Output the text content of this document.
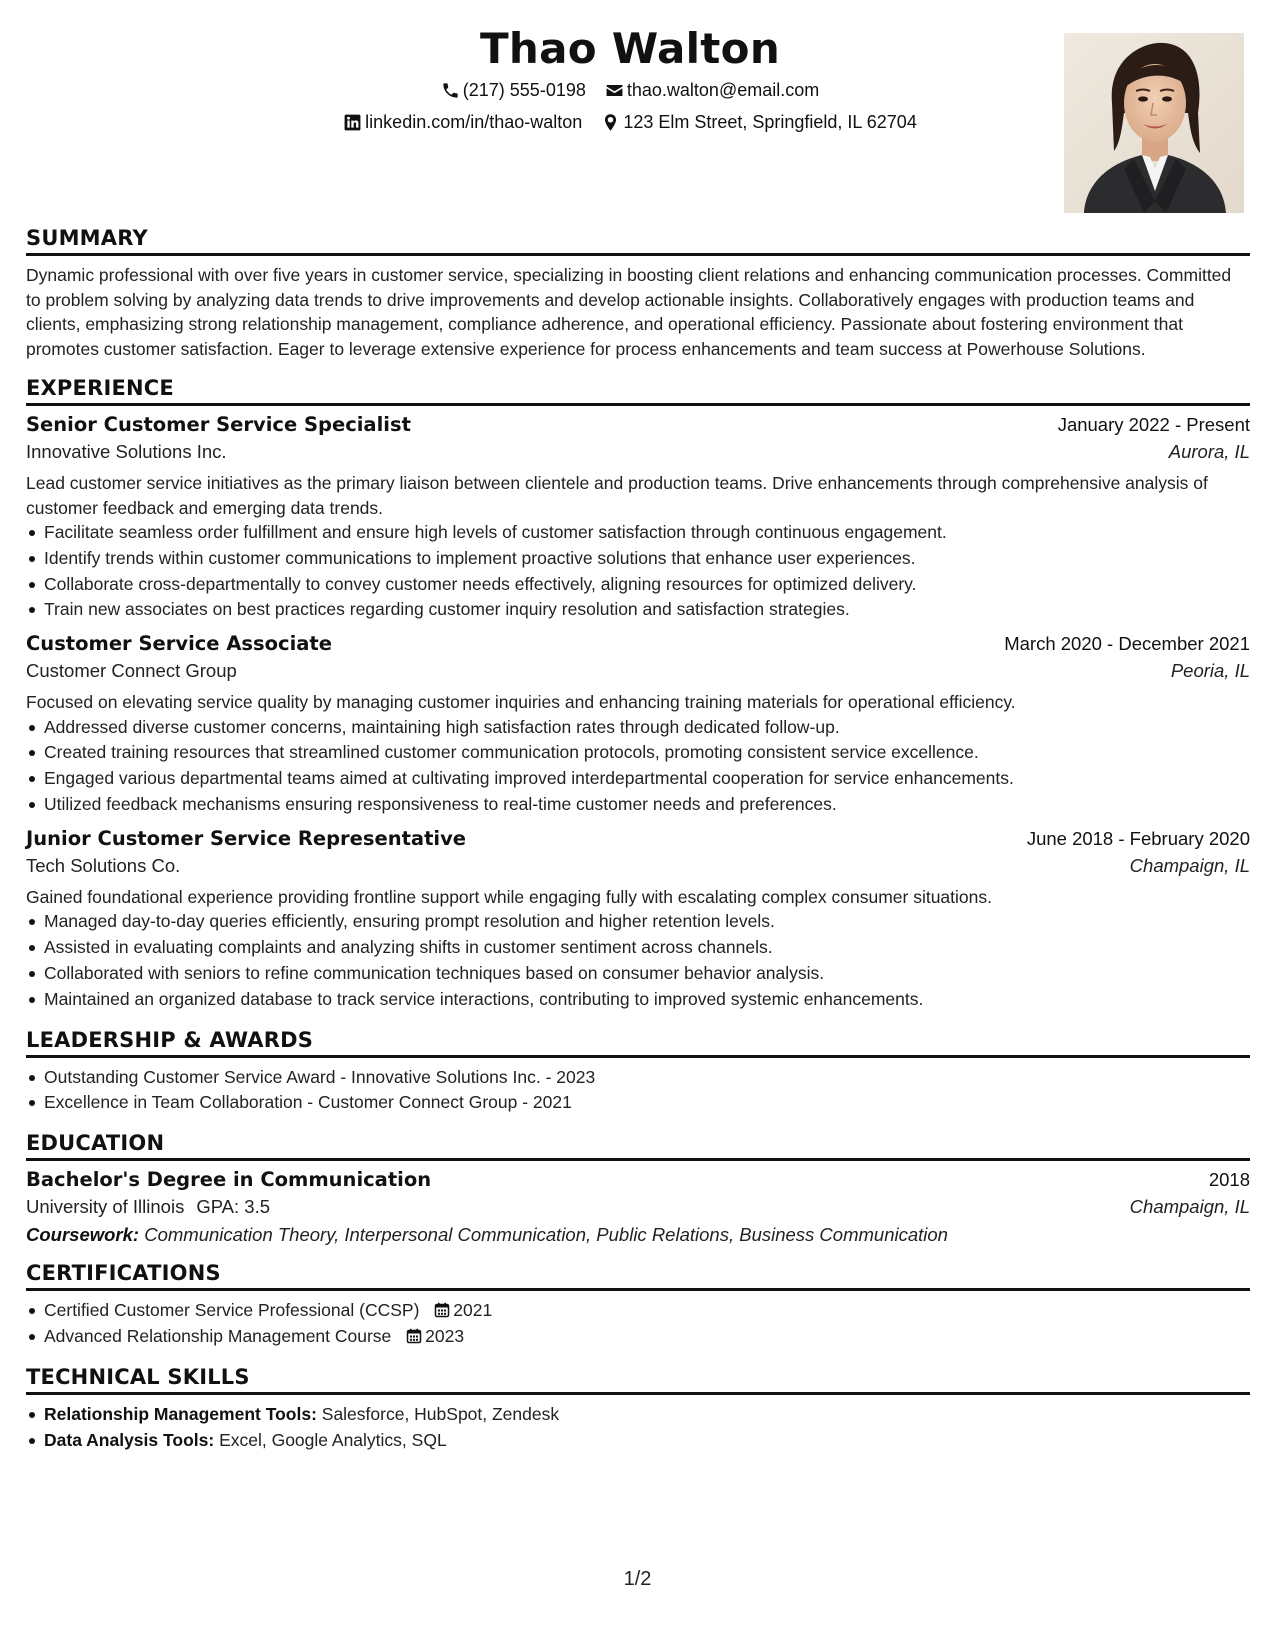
Thao Walton
(217) 555-0198
thao.walton@email.com
linkedin.com/in/thao-walton
123 Elm Street, Springfield, IL 62704
SUMMARY
Dynamic professional with over five years in customer service, specializing in boosting client relations and enhancing communication processes. Committed to problem solving by analyzing data trends to drive improvements and develop actionable insights. Collaboratively engages with production teams and clients, emphasizing strong relationship management, compliance adherence, and operational efficiency. Passionate about fostering environment that promotes customer satisfaction. Eager to leverage extensive experience for process enhancements and team success at Powerhouse Solutions.
EXPERIENCE
Senior Customer Service Specialist	January 2022 - Present
Innovative Solutions Inc.	Aurora, IL
Lead customer service initiatives as the primary liaison between clientele and production teams. Drive enhancements through comprehensive analysis of customer feedback and emerging data trends.
Facilitate seamless order fulfillment and ensure high levels of customer satisfaction through continuous engagement.
Identify trends within customer communications to implement proactive solutions that enhance user experiences.
Collaborate cross-departmentally to convey customer needs effectively, aligning resources for optimized delivery.
Train new associates on best practices regarding customer inquiry resolution and satisfaction strategies.
Customer Service Associate	March 2020 - December 2021
Customer Connect Group	Peoria, IL
Focused on elevating service quality by managing customer inquiries and enhancing training materials for operational efficiency.
Addressed diverse customer concerns, maintaining high satisfaction rates through dedicated follow-up.
Created training resources that streamlined customer communication protocols, promoting consistent service excellence.
Engaged various departmental teams aimed at cultivating improved interdepartmental cooperation for service enhancements.
Utilized feedback mechanisms ensuring responsiveness to real-time customer needs and preferences.
Junior Customer Service Representative	June 2018 - February 2020
Tech Solutions Co.	Champaign, IL
Gained foundational experience providing frontline support while engaging fully with escalating complex consumer situations.
Managed day-to-day queries efficiently, ensuring prompt resolution and higher retention levels.
Assisted in evaluating complaints and analyzing shifts in customer sentiment across channels.
Collaborated with seniors to refine communication techniques based on consumer behavior analysis.
Maintained an organized database to track service interactions, contributing to improved systemic enhancements.
LEADERSHIP & AWARDS
Outstanding Customer Service Award - Innovative Solutions Inc. - 2023
Excellence in Team Collaboration - Customer Connect Group - 2021
EDUCATION
Bachelor's Degree in Communication	2018
University of Illinois GPA: 3.5	Champaign, IL
Coursework: Communication Theory, Interpersonal Communication, Public Relations, Business Communication
CERTIFICATIONS
Certified Customer Service Professional (CCSP) 2021
Advanced Relationship Management Course 2023
TECHNICAL SKILLS
Relationship Management Tools: Salesforce, HubSpot, Zendesk
Data Analysis Tools: Excel, Google Analytics, SQL
1/2
